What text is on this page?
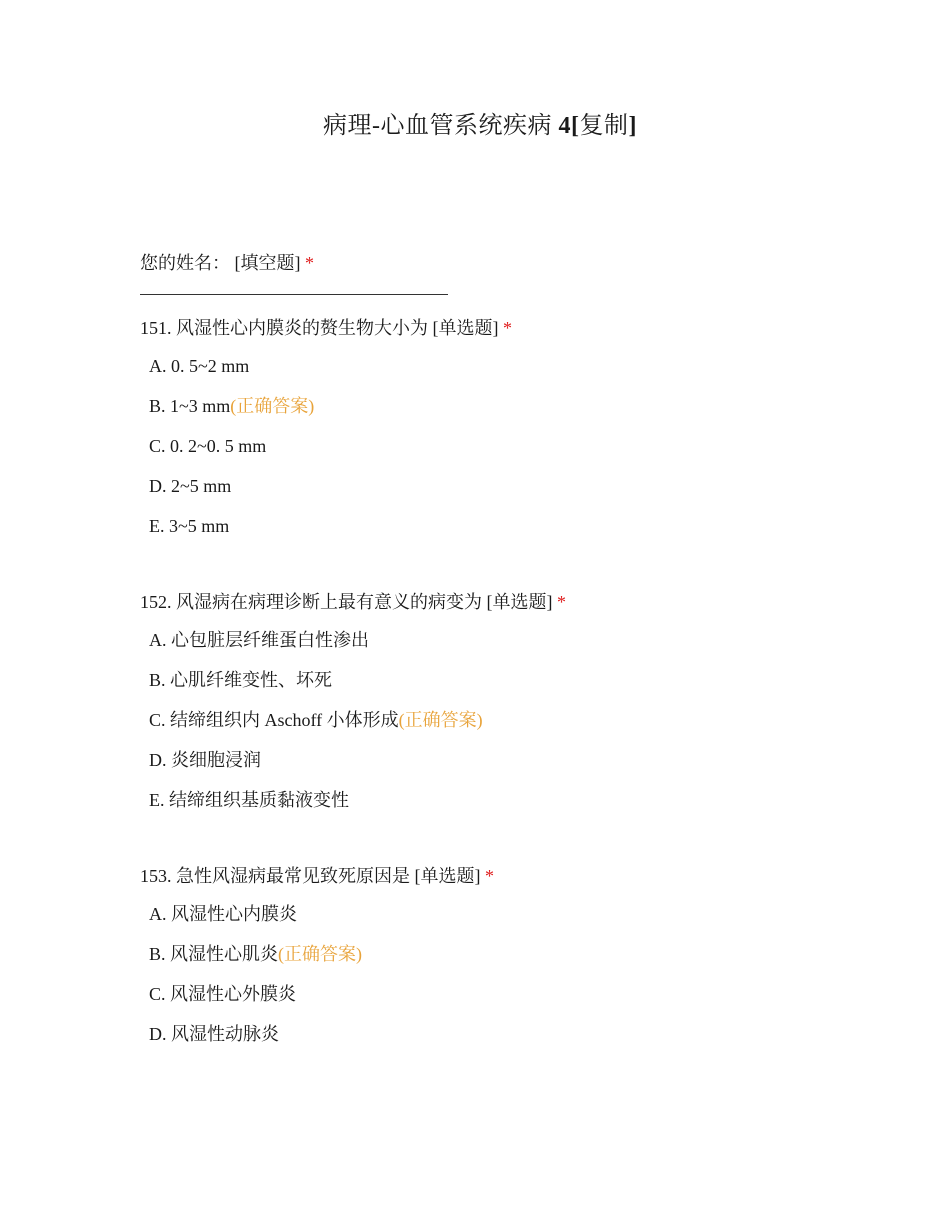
病理-心血管系统疾病 4[复制]
您的姓名： [填空题] *
151. 风湿性心内膜炎的赘生物大小为 [单选题] *
A. 0. 5~2 mm
B. 1~3 mm(正确答案)
C. 0. 2~0. 5 mm
D. 2~5 mm
E. 3~5 mm
152. 风湿病在病理诊断上最有意义的病变为 [单选题] *
A. 心包脏层纤维蛋白性渗出
B. 心肌纤维变性、坏死
C. 结缔组织内 Aschoff 小体形成(正确答案)
D. 炎细胞浸润
E. 结缔组织基质黏液变性
153. 急性风湿病最常见致死原因是 [单选题] *
A. 风湿性心内膜炎
B. 风湿性心肌炎(正确答案)
C. 风湿性心外膜炎
D. 风湿性动脉炎
